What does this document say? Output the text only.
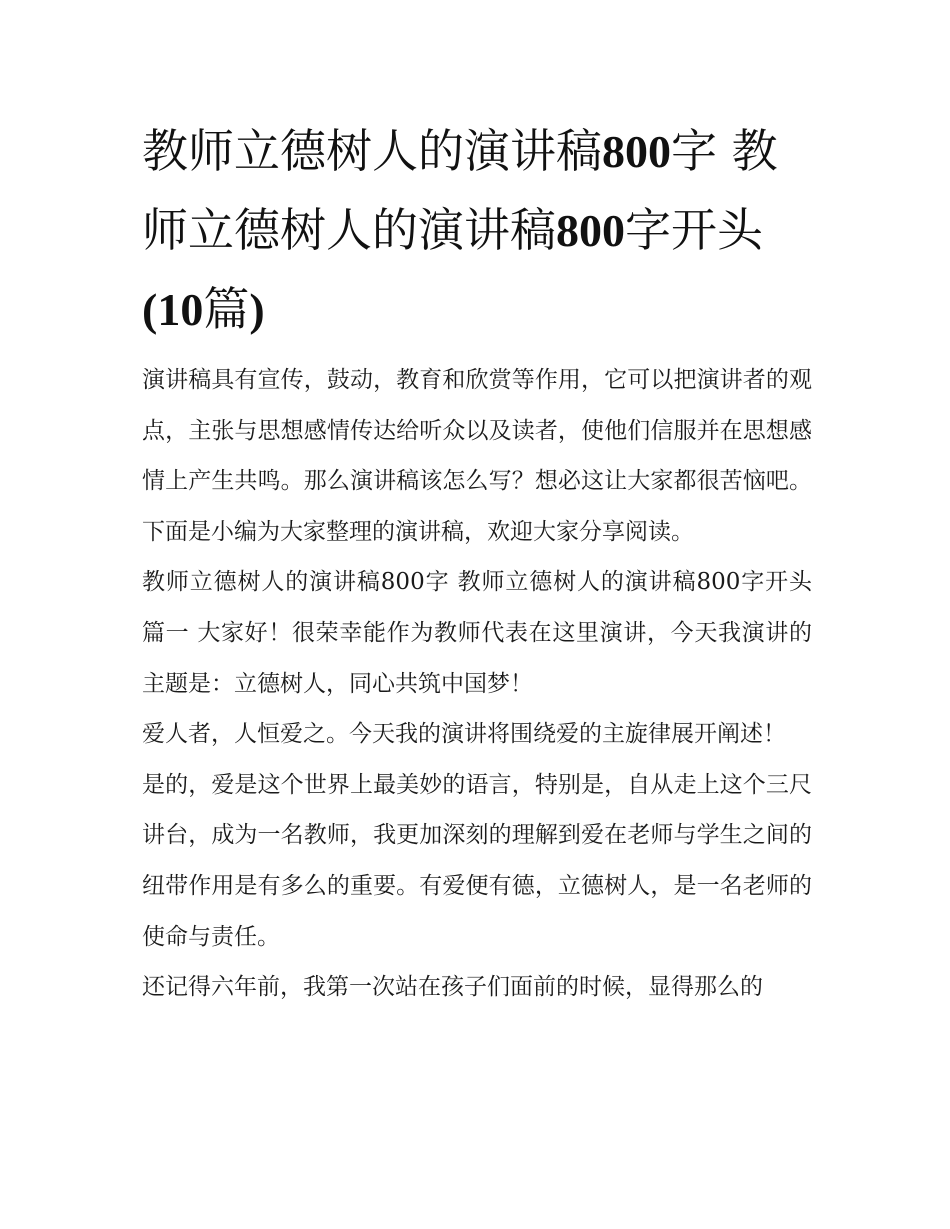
教师立德树人的演讲稿800字 教师立德树人的演讲稿800字开头(10篇)

演讲稿具有宣传，鼓动，教育和欣赏等作用，它可以把演讲者的观点，主张与思想感情传达给听众以及读者，使他们信服并在思想感情上产生共鸣。那么演讲稿该怎么写？想必这让大家都很苦恼吧。下面是小编为大家整理的演讲稿，欢迎大家分享阅读。

教师立德树人的演讲稿800字 教师立德树人的演讲稿800字开头篇一 大家好！很荣幸能作为教师代表在这里演讲，今天我演讲的主题是：立德树人，同心共筑中国梦！

爱人者，人恒爱之。今天我的演讲将围绕爱的主旋律展开阐述！

是的，爱是这个世界上最美妙的语言，特别是，自从走上这个三尺讲台，成为一名教师，我更加深刻的理解到爱在老师与学生之间的纽带作用是有多么的重要。有爱便有德，立德树人，是一名老师的使命与责任。

还记得六年前，我第一次站在孩子们面前的时候，显得那么的
